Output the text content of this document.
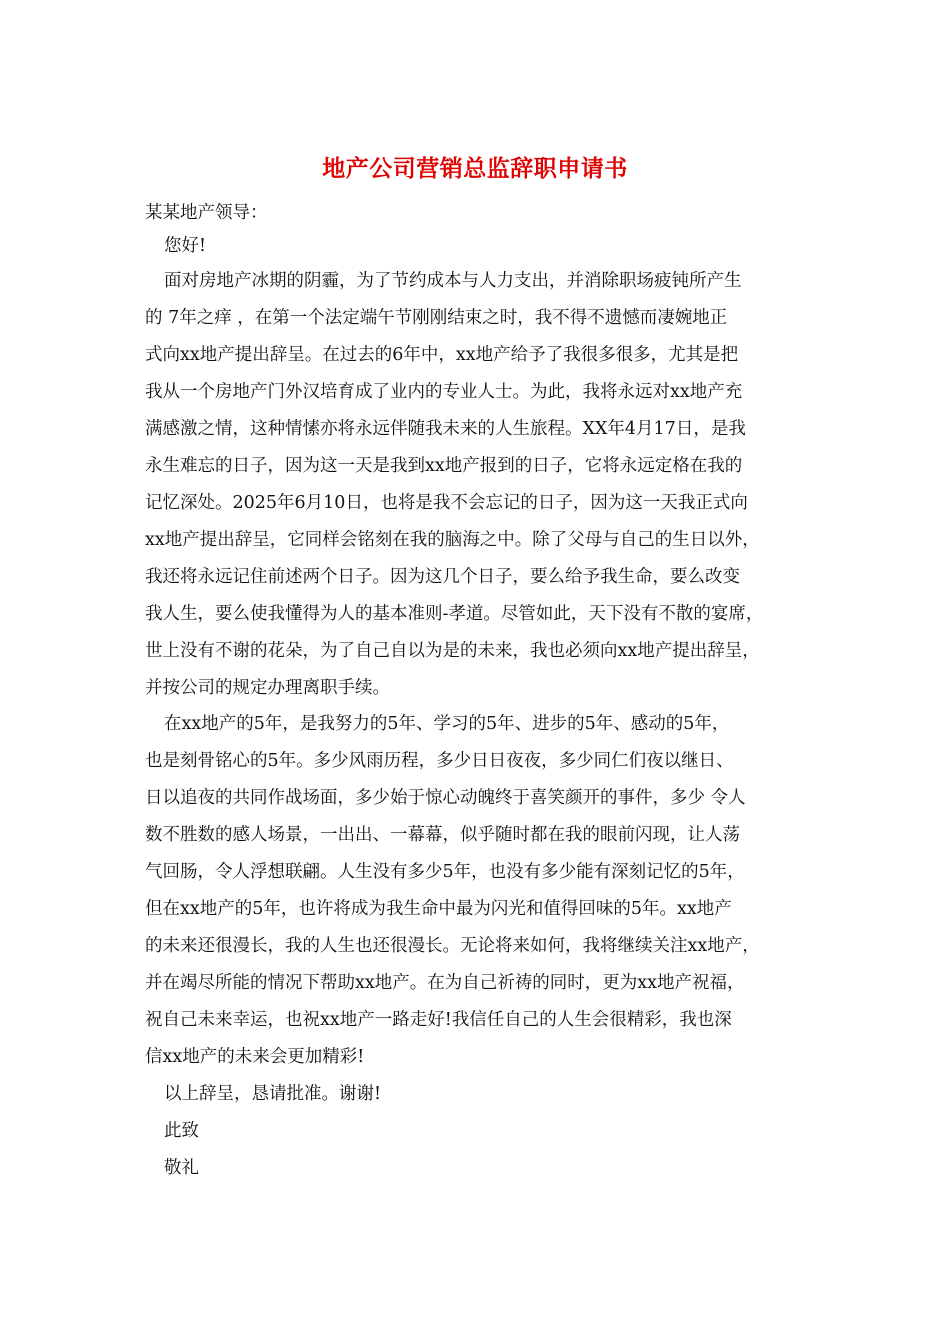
地产公司营销总监辞职申请书
某某地产领导：
您好!
面对房地产冰期的阴霾，为了节约成本与人力支出，并消除职场疲钝所产生
的 7年之痒 ，在第一个法定端午节刚刚结束之时，我不得不遗憾而凄婉地正
式向xx地产提出辞呈。在过去的6年中，xx地产给予了我很多很多，尤其是把
我从一个房地产门外汉培育成了业内的专业人士。为此，我将永远对xx地产充
满感激之情，这种情愫亦将永远伴随我未来的人生旅程。XX年4月17日，是我
永生难忘的日子，因为这一天是我到xx地产报到的日子，它将永远定格在我的
记忆深处。2025年6月10日，也将是我不会忘记的日子，因为这一天我正式向
xx地产提出辞呈，它同样会铭刻在我的脑海之中。除了父母与自己的生日以外，
我还将永远记住前述两个日子。因为这几个日子，要么给予我生命，要么改变
我人生，要么使我懂得为人的基本准则-孝道。尽管如此，天下没有不散的宴席，
世上没有不谢的花朵，为了自己自以为是的未来，我也必须向xx地产提出辞呈，
并按公司的规定办理离职手续。
在xx地产的5年，是我努力的5年、学习的5年、进步的5年、感动的5年，
也是刻骨铭心的5年。多少风雨历程，多少日日夜夜，多少同仁们夜以继日、
日以追夜的共同作战场面，多少始于惊心动魄终于喜笑颜开的事件，多少 令人
数不胜数的感人场景，一出出、一幕幕，似乎随时都在我的眼前闪现，让人荡
气回肠，令人浮想联翩。人生没有多少5年，也没有多少能有深刻记忆的5年，
但在xx地产的5年，也许将成为我生命中最为闪光和值得回味的5年。xx地产
的未来还很漫长，我的人生也还很漫长。无论将来如何，我将继续关注xx地产，
并在竭尽所能的情况下帮助xx地产。在为自己祈祷的同时，更为xx地产祝福，
祝自己未来幸运，也祝xx地产一路走好!我信任自己的人生会很精彩，我也深
信xx地产的未来会更加精彩!
以上辞呈，恳请批准。谢谢!
此致
敬礼
